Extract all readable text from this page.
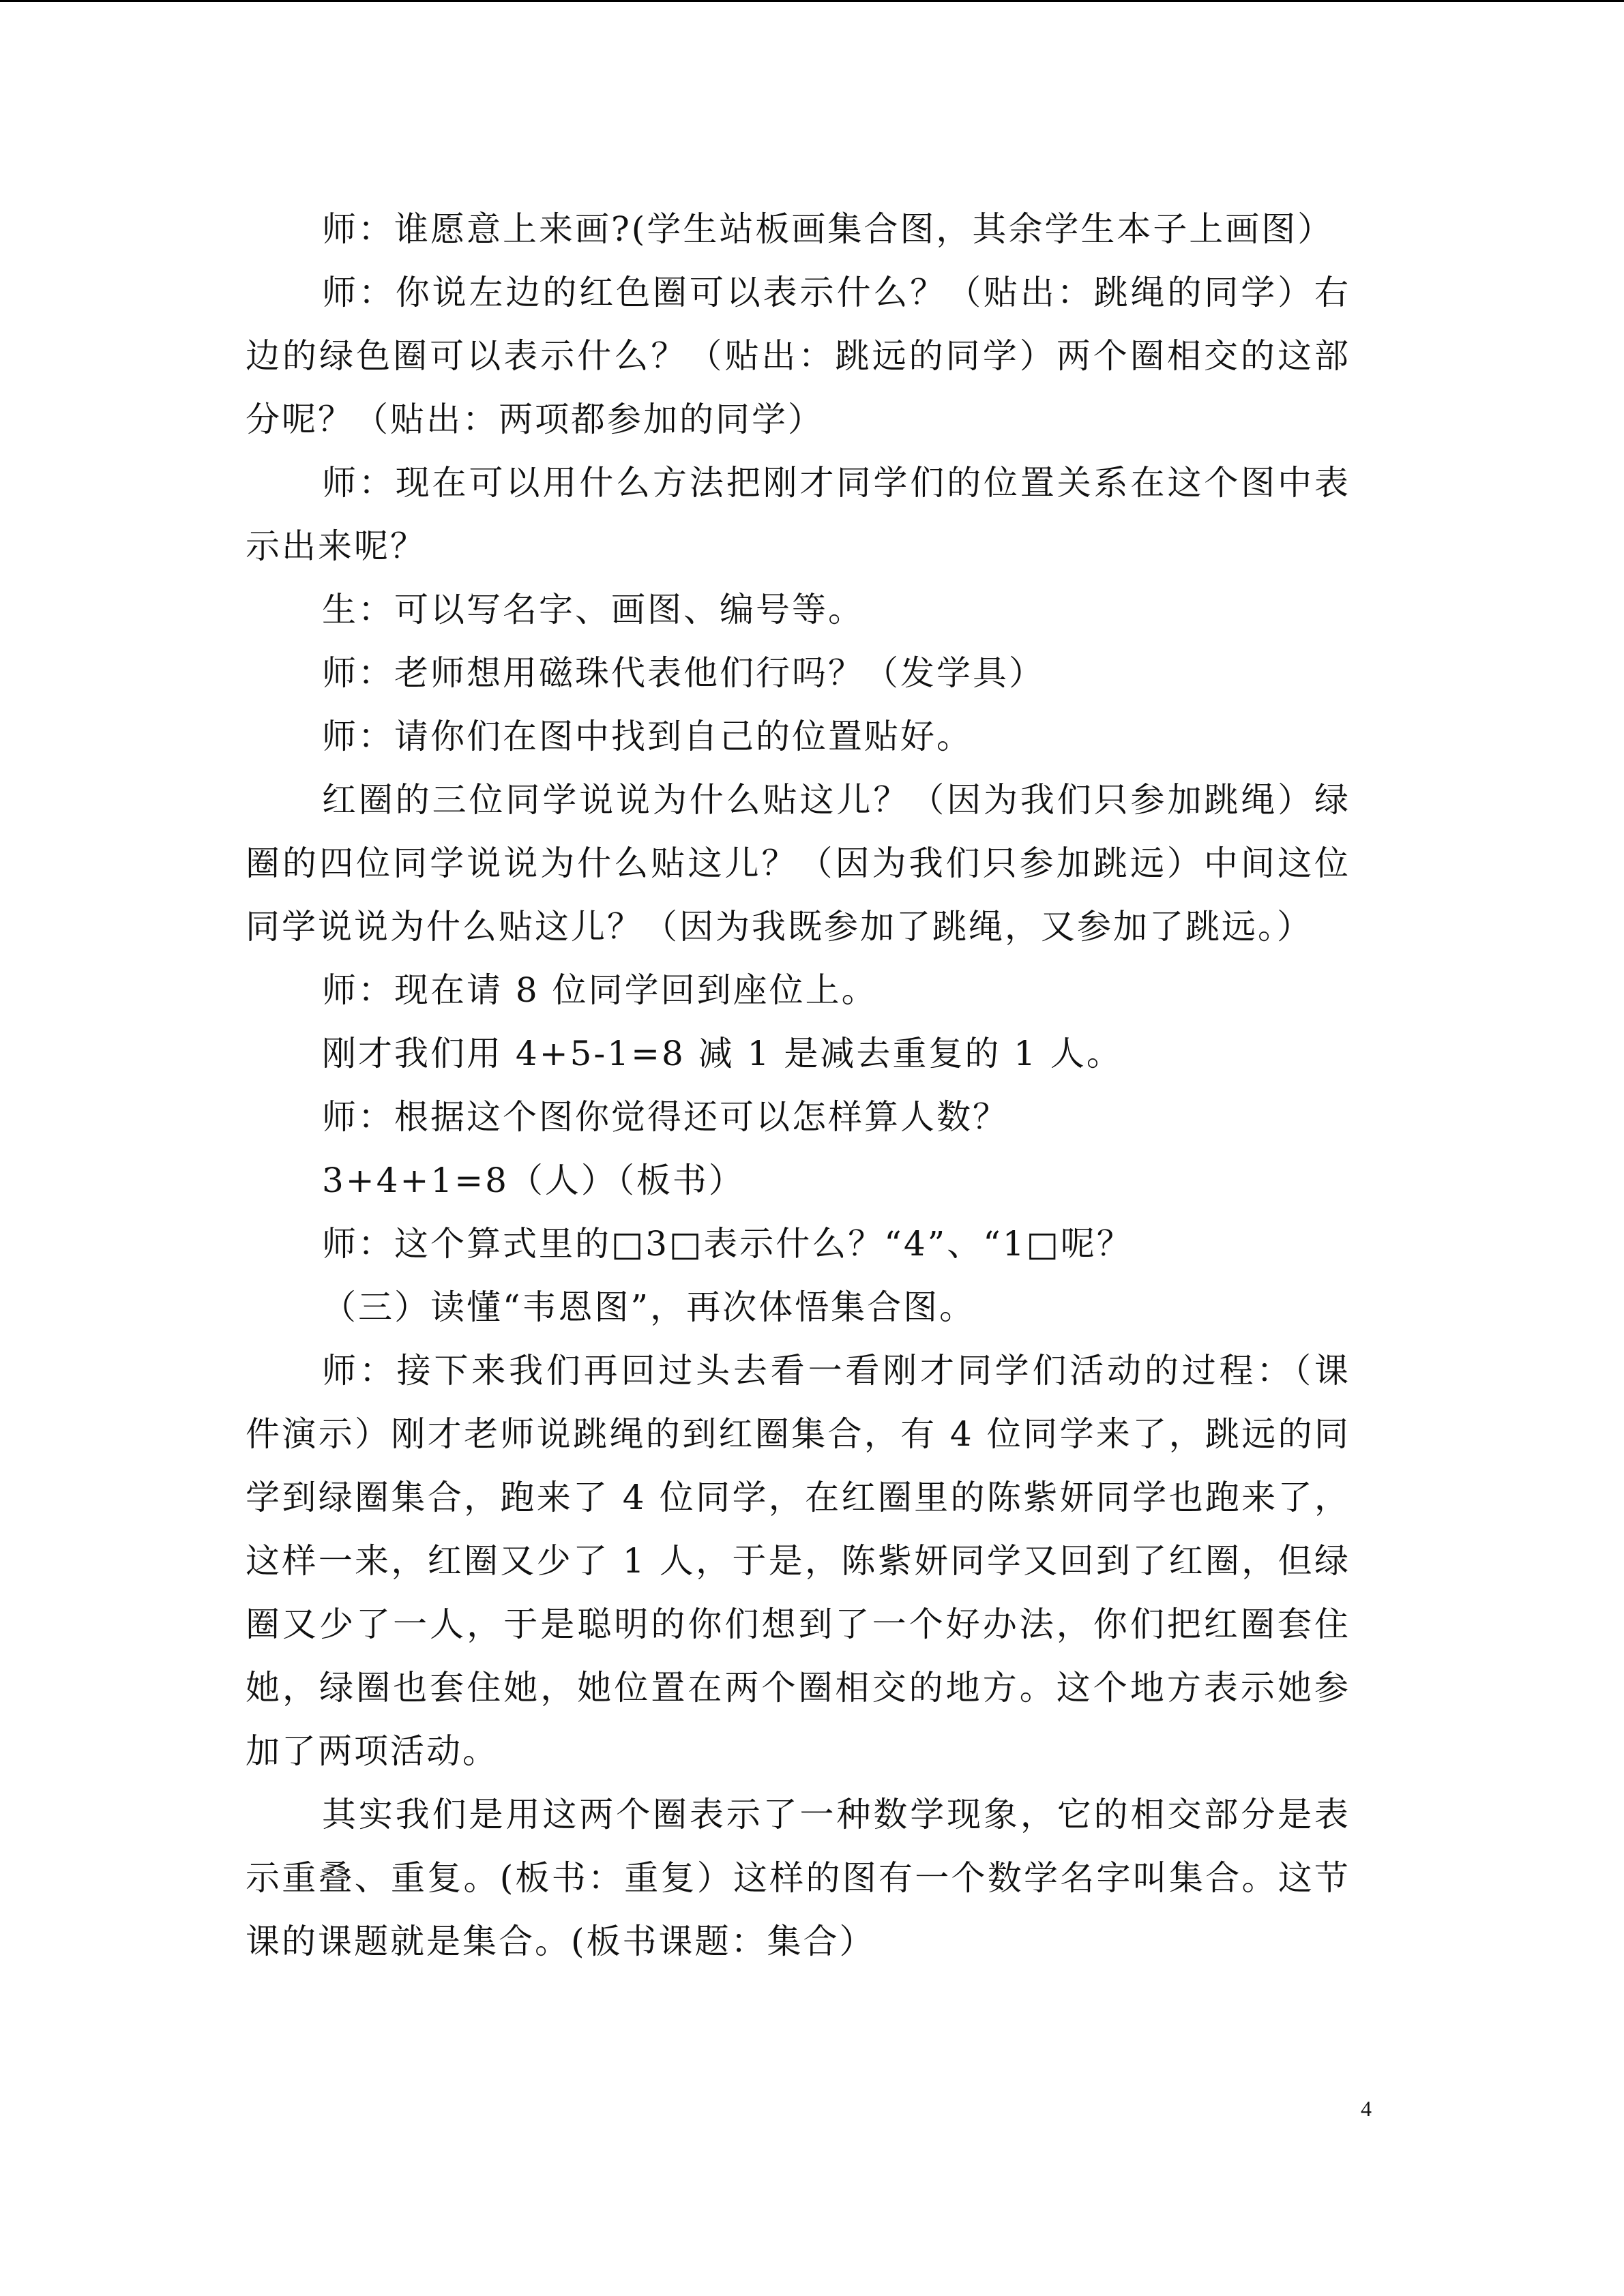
师：谁愿意上来画?(学生站板画集合图，其余学生本子上画图）

师：你说左边的红色圈可以表示什么？（贴出：跳绳的同学）右边的绿色圈可以表示什么？（贴出：跳远的同学）两个圈相交的这部分呢？（贴出：两项都参加的同学）

师：现在可以用什么方法把刚才同学们的位置关系在这个图中表示出来呢？

生：可以写名字、画图、编号等。

师：老师想用磁珠代表他们行吗？（发学具）

师：请你们在图中找到自己的位置贴好。

红圈的三位同学说说为什么贴这儿？（因为我们只参加跳绳）绿圈的四位同学说说为什么贴这儿？（因为我们只参加跳远）中间这位同学说说为什么贴这儿？（因为我既参加了跳绳，又参加了跳远。）

师：现在请 8 位同学回到座位上。

刚才我们用 4+5-1=8 减 1 是减去重复的 1 人。

师：根据这个图你觉得还可以怎样算人数？

3+4+1=8（人）（板书）

师：这个算式里的□3□表示什么？“4”、“1□呢？

（三）读懂“韦恩图”，再次体悟集合图。

师：接下来我们再回过头去看一看刚才同学们活动的过程：（课件演示）刚才老师说跳绳的到红圈集合，有 4 位同学来了，跳远的同学到绿圈集合，跑来了 4 位同学，在红圈里的陈紫妍同学也跑来了，这样一来，红圈又少了 1 人，于是，陈紫妍同学又回到了红圈，但绿圈又少了一人，于是聪明的你们想到了一个好办法，你们把红圈套住她，绿圈也套住她，她位置在两个圈相交的地方。这个地方表示她参加了两项活动。

其实我们是用这两个圈表示了一种数学现象，它的相交部分是表示重叠、重复。(板书：重复）这样的图有一个数学名字叫集合。这节课的课题就是集合。(板书课题：集合）

4
